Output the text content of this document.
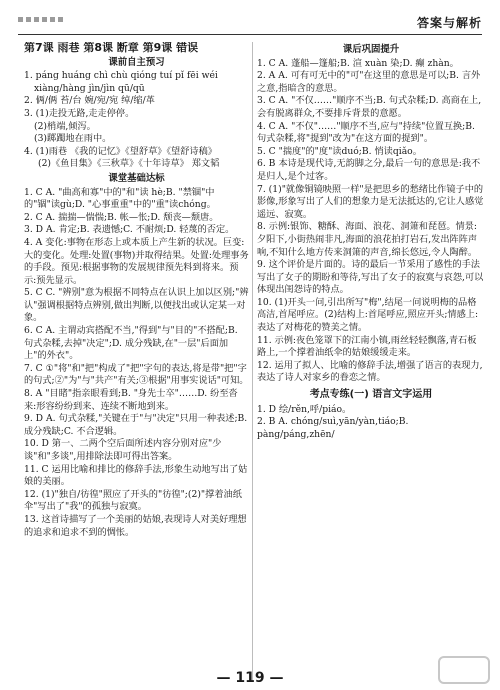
答案与解析
第7课 雨巷 第8课 断章 第9课 错误
课前自主预习

1. páng huáng chì chù qióng tuí pǐ fēi wéi

xiàng/hàng jìn/jìn qū/qū

2. 俩/俩 苔/台 婉/宛/宛 绰/缩/革

3. (1)走投无路,走走停停。

(2)梢端,倾泻。

(3)踯躅地在雨中。

4. (1)雨巷 《我的记忆》《望舒草》《望舒诗稿》

(2)《鱼目集》《三秋草》《十年诗草》 郑文韬

课堂基础达标

1. C A. "曲高和寡"中的"和"读 hè;B. "禁锢"中的"锢"读gù;D. "心事重重"中的"重"读chóng。

2. C A. 揣揣—惴惴;B. 帐—怅;D. 颓丧—颓唐。

3. D A. 肯定;B. 表遗憾;C. 不耐烦;D. 轻蔑的否定。

4. A 变化:事物在形态上或本质上产生新的状况。巨变:大的变化。处理:处置(事物)并取得结果。处置:处理事务的手段。预见:根据事物的发展规律预先料到将来。预示:预先显示。

5. C C. "辨别"意为根据不同特点在认识上加以区别;"辨认"强调根据特点辨别,做出判断,以便找出或认定某一对象。

6. C A. 主谓动宾搭配不当,"得到"与"目的"不搭配;B. 句式杂糅,去掉"决定";D. 成分残缺,在"一层"后面加上"的外衣"。

7. C ①"将"和"把"构成了"把"字句的表达,将是带"把"字的句式;②"为"与"共产"有关;③根据"用事实说话"可知。

8. A "目睹"指亲眼看到;B. "身先士卒"……D. 纷至沓来:形容纷纷到来、连续不断地到来。

9. D A. 句式杂糅,"关键在于"与"决定"只用一种表述;B. 成分残缺;C. 不合逻辑。

10. D 第一、二两个空后面所述内容分别对应"少谈"和"多谈",用排除法即可得出答案。

11. C 运用比喻和排比的修辞手法,形象生动地写出了姑娘的美丽。

12. (1)"独自/彷徨"照应了开头的"彷徨";(2)"撑着油纸伞"写出了"我"的孤独与寂寞。

13. 这首诗描写了一个美丽的姑娘,表现诗人对美好理想的追求和追求不到的惆怅。

课后巩固提升

1. C A. 蓬船—篷船;B. 渲 xuàn 染;D. 癫 zhàn。

2. A A. 可有可无中的"可"在这里的意思是可以;B. 言外之意,指暗含的意思。

3. C A. "不仅……"顺序不当;B. 句式杂糅;D. 高商在上,会有脱离群众,不要排斥背景的意愿。

4. C A. "不仅"……"顺序不当,应与"持续"位置互换;B. 句式杂糅,将"提到"改为"在这方面的提到"。

5. C "揣度"的"度"读duó;B. 悄读qiǎo。

6. B 本诗是现代诗,无韵脚之分,最后一句的意思是:我不是归人,是个过客。

7. (1)"就像铜镜映照一样"是把思乡的愁绪比作镜子中的影像,形象写出了人们的想象力是无法抵达的,它让人感觉遥远、寂寞。

8. 示例:银饰、糖酥、海面、浪花、洞箫和琵琶。情景:夕阳下,小街热闹非凡,海面的浪花拍打岩石,发出阵阵声响,不知什么地方传来洞箫的声音,绵长悠远,令人陶醉。

9. 这个评价是片面的。诗的最后一节采用了感性的手法写出了女子的期盼和等待,写出了女子的寂寞与哀怨,可以体现出闺怨诗的特点。

10. (1)开头一问,引出所写"梅",结尾一问说明梅的品格高洁,首尾呼应。(2)结构上:首尾呼应,照应开头;情感上:表达了对梅花的赞美之情。

11. 示例:夜色笼罩下的江南小镇,雨丝轻轻飘落,青石板路上,一个撑着油纸伞的姑娘缓缓走来。

12. 运用了拟人、比喻的修辞手法,增强了语言的表现力,表达了诗人对家乡的眷恋之情。

考点专练(一) 语言文字运用

1. D 绘/rěn,呼/piáo。

2. B A. chóng/suì,yān/yàn,tiáo;B. pàng/páng,zhēn/

— 119 —
